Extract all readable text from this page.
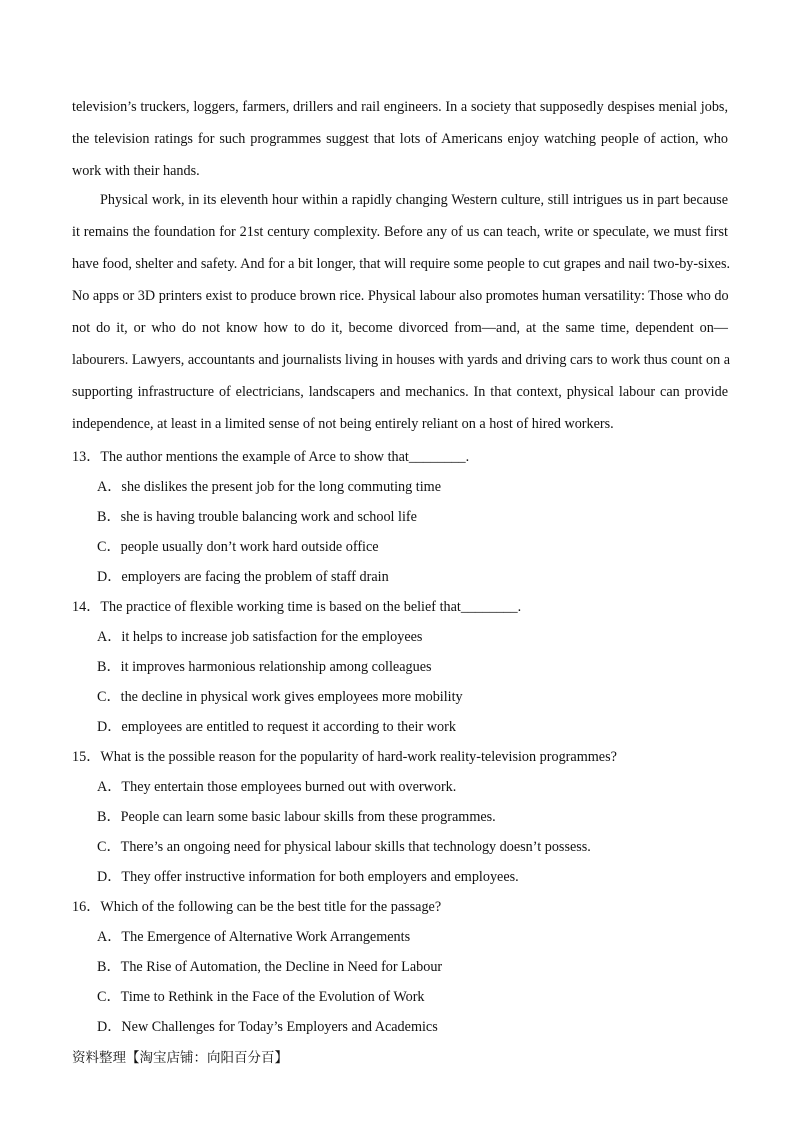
television’s truckers, loggers, farmers, drillers and rail engineers. In a society that supposedly despises menial jobs,
the television ratings for such programmes suggest that lots of Americans enjoy watching people of action, who
work with their hands.
Physical work, in its eleventh hour within a rapidly changing Western culture, still intrigues us in part because
it remains the foundation for 21st century complexity. Before any of us can teach, write or speculate, we must first
have food, shelter and safety. And for a bit longer, that will require some people to cut grapes and nail two-by-sixes.
No apps or 3D printers exist to produce brown rice. Physical labour also promotes human versatility: Those who do
not do it, or who do not know how to do it, become divorced from—and, at the same time, dependent on—
labourers. Lawyers, accountants and journalists living in houses with yards and driving cars to work thus count on a
supporting infrastructure of electricians, landscapers and mechanics. In that context, physical labour can provide
independence, at least in a limited sense of not being entirely reliant on a host of hired workers.

13．The author mentions the example of Arce to show that________.

A．she dislikes the present job for the long commuting time

B．she is having trouble balancing work and school life

C．people usually don’t work hard outside office

D．employers are facing the problem of staff drain

14．The practice of flexible working time is based on the belief that________.

A．it helps to increase job satisfaction for the employees

B．it improves harmonious relationship among colleagues

C．the decline in physical work gives employees more mobility

D．employees are entitled to request it according to their work

15．What is the possible reason for the popularity of hard-work reality-television programmes?

A．They entertain those employees burned out with overwork.

B．People can learn some basic labour skills from these programmes.

C．There’s an ongoing need for physical labour skills that technology doesn’t possess.

D．They offer instructive information for both employers and employees.

16．Which of the following can be the best title for the passage?

A．The Emergence of Alternative Work Arrangements

B．The Rise of Automation, the Decline in Need for Labour

C．Time to Rethink in the Face of the Evolution of Work

D．New Challenges for Today’s Employers and Academics

资料整理【淘宝店铺：向阳百分百】
